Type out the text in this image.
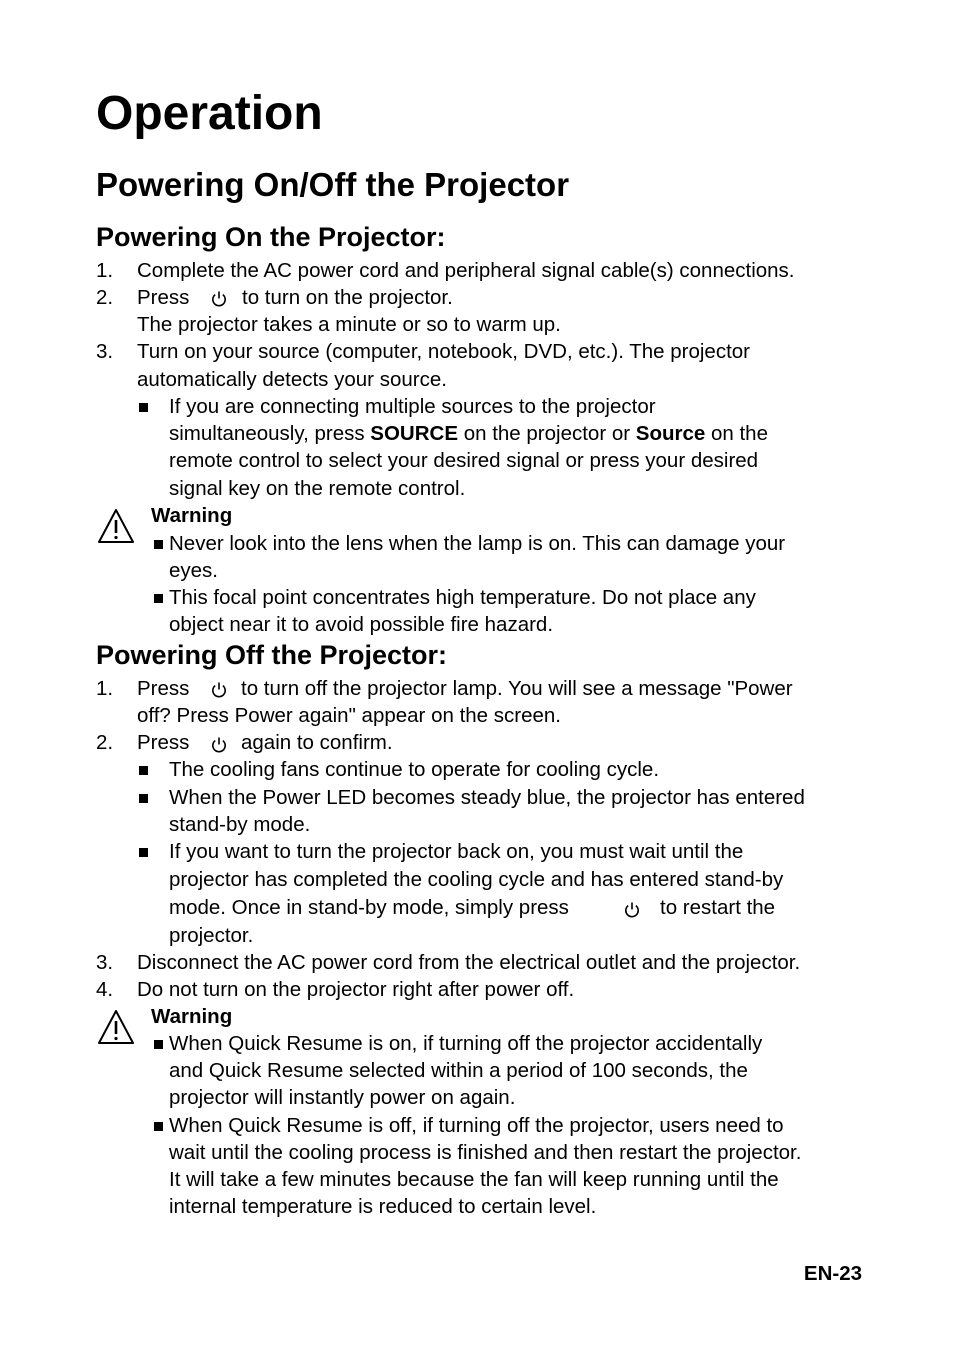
Operation
Powering On/Off the Projector
Powering On the Projector:
1. Complete the AC power cord and peripheral signal cable(s) connections.
2. Press	to turn on the projector.
The projector takes a minute or so to warm up.
3. Turn on your source (computer, notebook, DVD, etc.). The projector
automatically detects your source.
If you are connecting multiple sources to the projector
simultaneously, press SOURCE on the projector or Source on the
remote control to select your desired signal or press your desired
signal key on the remote control.
Warning
Never look into the lens when the lamp is on. This can damage your
eyes.
This focal point concentrates high temperature. Do not place any
object near it to avoid possible fire hazard.
Powering Off the Projector:
1. Press	to turn off the projector lamp. You will see a message "Power
off? Press Power again" appear on the screen.
2. Press	again to confirm.
The cooling fans continue to operate for cooling cycle.
When the Power LED becomes steady blue, the projector has entered
stand-by mode.
If you want to turn the projector back on, you must wait until the
projector has completed the cooling cycle and has entered stand-by
mode. Once in stand-by mode, simply press	to restart the
projector.
3. Disconnect the AC power cord from the electrical outlet and the projector.
4. Do not turn on the projector right after power off.
Warning
When Quick Resume is on, if turning off the projector accidentally
and Quick Resume selected within a period of 100 seconds, the
projector will instantly power on again.
When Quick Resume is off, if turning off the projector, users need to
wait until the cooling process is finished and then restart the projector.
It will take a few minutes because the fan will keep running until the
internal temperature is reduced to certain level.
EN-23
